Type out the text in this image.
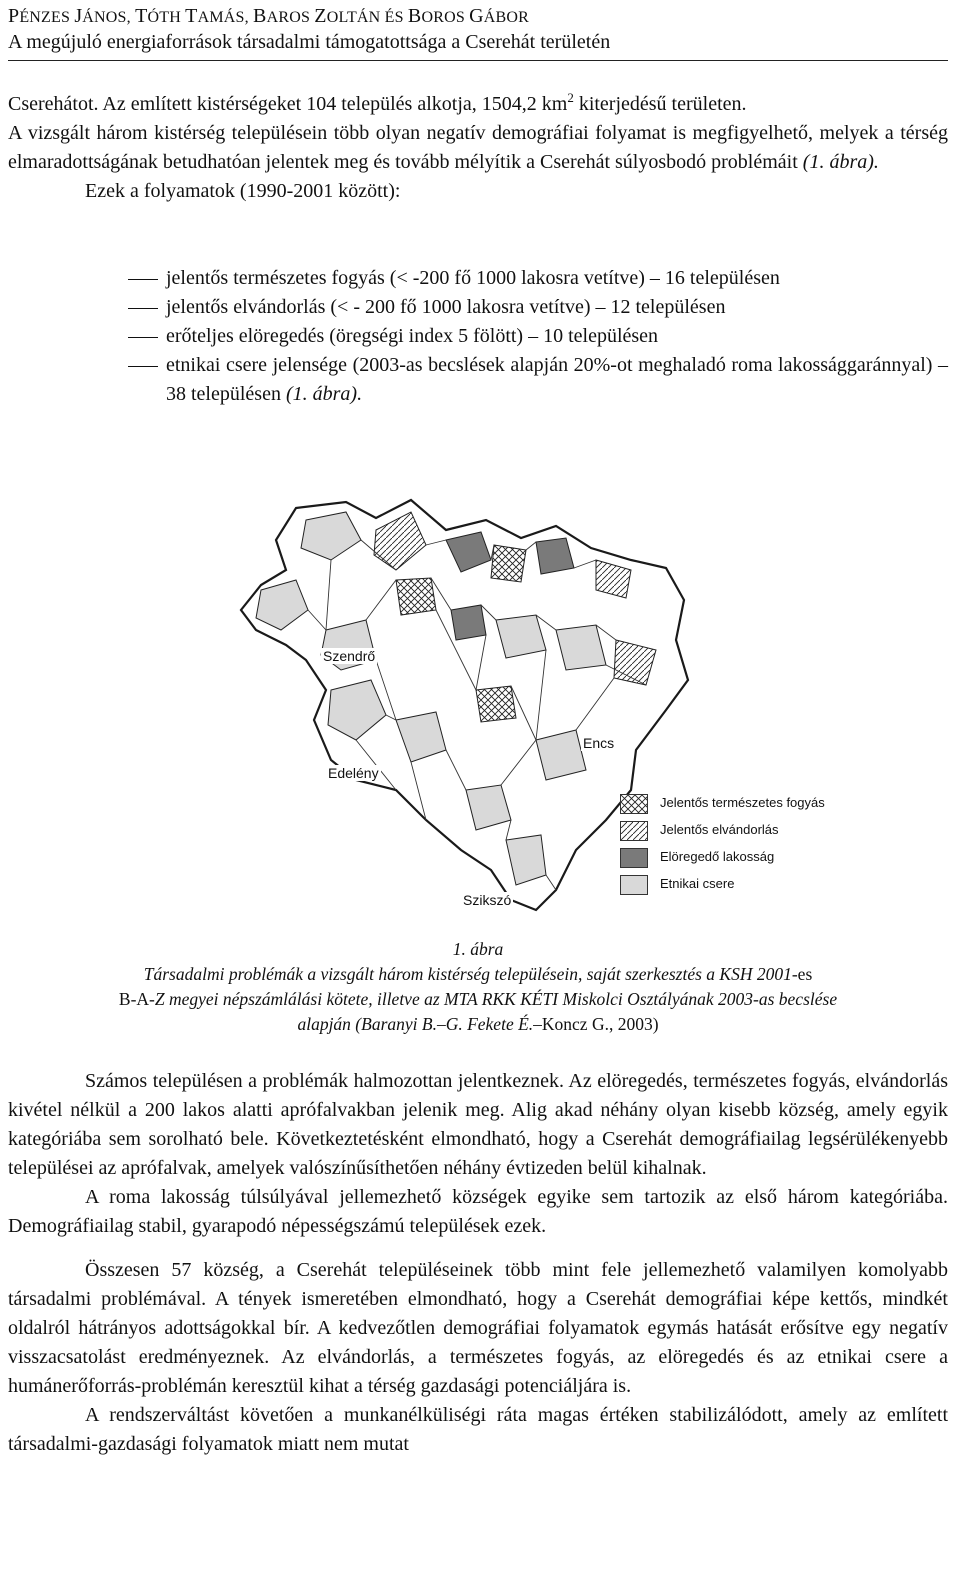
PÉNZES JÁNOS, TÓTH TAMÁS, BAROS ZOLTÁN ÉS BOROS GÁBOR
A megújuló energiaforrások társadalmi támogatottsága a Cserehát területén

Cserehátot. Az említett kistérségeket 104 település alkotja, 1504,2 $km^2$ kiterjedésű területen.

A vizsgált három kistérség településein több olyan negatív demográfiai folyamat is megfigyelhető, melyek a térség elmaradottságának betudhatóan jelentek meg és tovább mélyítik a Cserehát súlyosbodó problémáit (1. ábra).

Ezek a folyamatok (1990-2001 között):

jelentős természetes fogyás (< -200 fő 1000 lakosra vetítve) – 16 településen
jelentős elvándorlás (< - 200 fő 1000 lakosra vetítve) – 12 településen
erőteljes elöregedés (öregségi index 5 fölött) – 10 településen
etnikai csere jelensége (2003-as becslések alapján 20%-ot meghaladó roma lakossággaránnyal) – 38 településen (1. ábra).
Szendrő
Encs
Edelény
Szikszó
Jelentős természetes fogyás
Jelentős elvándorlás
Elöregedő lakosság
Etnikai csere
1. ábra
Társadalmi problémák a vizsgált három kistérség településein, saját szerkesztés a KSH 2001-es
B-A-Z megyei népszámlálási kötete, illetve az MTA RKK KÉTI Miskolci Osztályának 2003-as becslése
alapján (Baranyi B.–G. Fekete É.–Koncz G., 2003)

Számos településen a problémák halmozottan jelentkeznek. Az elöregedés, természetes fogyás, elvándorlás kivétel nélkül a 200 lakos alatti aprófalvakban jelenik meg. Alig akad néhány olyan kisebb község, amely egyik kategóriába sem sorolható bele. Következtetésként elmondható, hogy a Cserehát demográfiailag legsérülékenyebb települései az aprófalvak, amelyek valószínűsíthetően néhány évtizeden belül kihalnak.

A roma lakosság túlsúlyával jellemezhető községek egyike sem tartozik az első három kategóriába. Demográfiailag stabil, gyarapodó népességszámú települések ezek.

Összesen 57 község, a Cserehát településeinek több mint fele jellemezhető valamilyen komolyabb társadalmi problémával. A tények ismeretében elmondható, hogy a Cserehát demográfiai képe kettős, mindkét oldalról hátrányos adottságokkal bír. A kedvezőtlen demográfiai folyamatok egymás hatását erősítve egy negatív visszacsatolást eredményeznek. Az elvándorlás, a természetes fogyás, az elöregedés és az etnikai csere a humánerőforrás-problémán keresztül kihat a térség gazdasági potenciáljára is.

A rendszerváltást követően a munkanélküliségi ráta magas értéken stabilizálódott, amely az említett társadalmi-gazdasági folyamatok miatt nem mutat
